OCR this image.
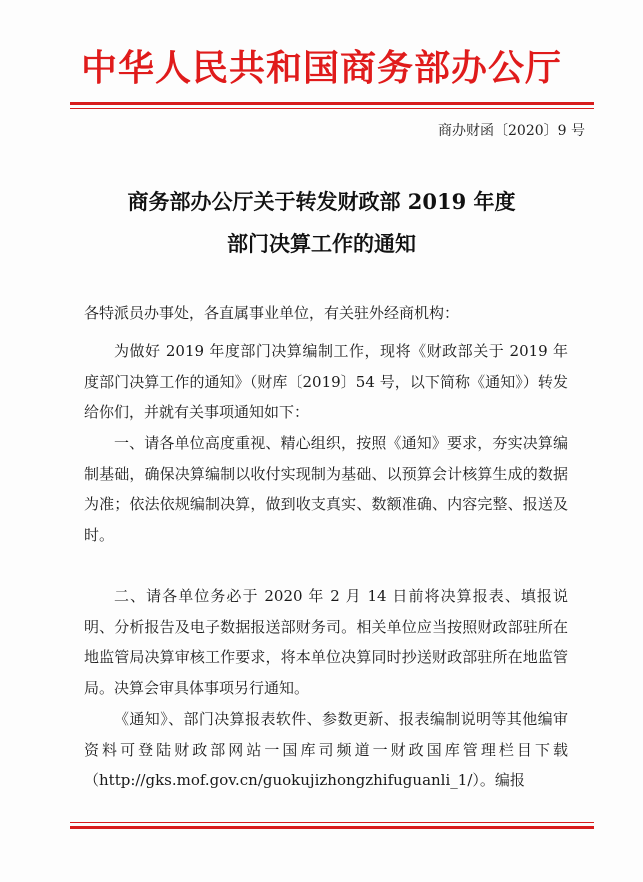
中华人民共和国商务部办公厅
商办财函〔2020〕9 号
商务部办公厅关于转发财政部 2019 年度
部门决算工作的通知
各特派员办事处，各直属事业单位，有关驻外经商机构：
为做好 2019 年度部门决算编制工作，现将《财政部关于 2019 年度部门决算工作的通知》（财库〔2019〕54 号，以下简称《通知》）转发给你们，并就有关事项通知如下：
一、请各单位高度重视、精心组织，按照《通知》要求，夯实决算编制基础，确保决算编制以收付实现制为基础、以预算会计核算生成的数据为准；依法依规编制决算，做到收支真实、数额准确、内容完整、报送及时。
二、请各单位务必于 2020 年 2 月 14 日前将决算报表、填报说明、分析报告及电子数据报送部财务司。相关单位应当按照财政部驻所在地监管局决算审核工作要求，将本单位决算同时抄送财政部驻所在地监管局。决算会审具体事项另行通知。
《通知》、部门决算报表软件、参数更新、报表编制说明等其他编审资料可登陆财政部网站一国库司频道一财政国库管理栏目下载（http://gks.mof.gov.cn/guokujizhongzhifuguanli_1/）。编报
